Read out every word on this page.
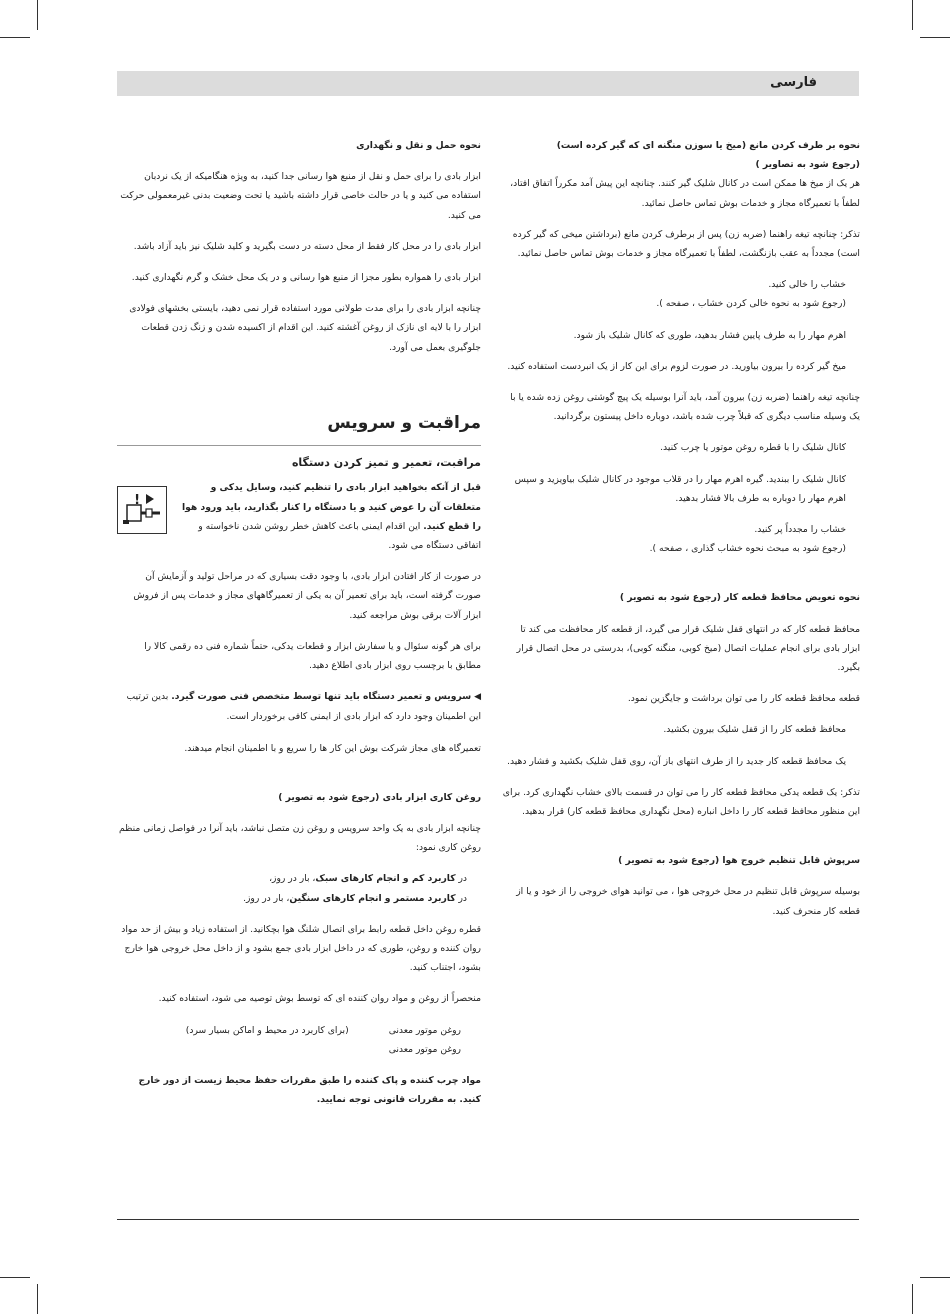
فارسی

نحوه بر طرف کردن مانع (میخ یا سوزن منگنه ای که گیر کرده است)

(رجوع شود به تصاویر )

هر یک از میخ ها ممکن است در کانال شلیک گیر کنند. چنانچه این پیش آمد مکرراً اتفاق افتاد، لطفاً با تعمیرگاه مجاز و خدمات بوش تماس حاصل نمائید.

تذکر: چنانچه تیغه راهنما (ضربه زن) پس از برطرف کردن مانع (برداشتن میخی که گیر کرده است) مجدداً به عقب بازنگشت، لطفاً با تعمیرگاه مجاز و خدمات بوش تماس حاصل نمائید.

خشاب را خالی کنید.

(رجوع شود به نحوه خالی کردن خشاب ، صفحه ).

اهرم مهار را به طرف پایین فشار بدهید، طوری که کانال شلیک باز شود.

میخ گیر کرده را بیرون بیاورید. در صورت لزوم برای این کار از یک انبردست استفاده کنید.

چنانچه تیغه راهنما (ضربه زن) بیرون آمد، باید آنرا بوسیله یک پیچ گوشتی روغن زده شده یا با یک وسیله مناسب دیگری که قبلاً چرب شده باشد، دوباره داخل پیستون برگردانید.

کانال شلیک را با قطره روغن موتور یا چرب کنید.

کانال شلیک را ببندید. گیره اهرم مهار را در قلاب موجود در کانال شلیک بیاویزید و سپس اهرم مهار را دوباره به طرف بالا فشار بدهید.

خشاب را مجدداً پر کنید.

(رجوع شود به مبحث نحوه خشاب گذاری ، صفحه ).

نحوه تعویض محافظ قطعه کار (رجوع شود به تصویر )

محافظ قطعه کار که در انتهای قفل شلیک قرار می گیرد، از قطعه کار محافظت می کند تا ابزار بادی برای انجام عملیات اتصال (میخ کوبی، منگنه کوبی)، بدرستی در محل اتصال قرار بگیرد.

قطعه محافظ قطعه کار را می توان برداشت و جایگزین نمود.

محافظ قطعه کار را از قفل شلیک بیرون بکشید.

یک محافظ قطعه کار جدید را از طرف انتهای باز آن، روی قفل شلیک بکشید و فشار دهید.

تذکر: یک قطعه یدکی محافظ قطعه کار را می توان در قسمت بالای خشاب نگهداری کرد. برای این منظور محافظ قطعه کار را داخل انباره (محل نگهداری محافظ قطعه کار) قرار بدهید.

سرپوش قابل تنظیم خروج هوا (رجوع شود به تصویر )

بوسیله سرپوش قابل تنظیم در محل خروجی هوا ، می توانید هوای خروجی را از خود و یا از قطعه کار منحرف کنید.

نحوه حمل و نقل و نگهداری

ابزار بادی را برای حمل و نقل از منبع هوا رسانی جدا کنید، به ویژه هنگامیکه از یک نردبان استفاده می کنید و یا در حالت خاصی قرار داشته باشید یا تحت وضعیت بدنی غیرمعمولی حرکت می کنید.

ابزار بادی را در محل کار فقط از محل دسته در دست بگیرید و کلید شلیک نیز باید آزاد باشد.

ابزار بادی را همواره بطور مجزا از منبع هوا رسانی و در یک محل خشک و گرم نگهداری کنید.

چنانچه ابزار بادی را برای مدت طولانی مورد استفاده قرار نمی دهید، بایستی بخشهای فولادی ابزار را با لایه ای نازک از روغن آغشته کنید. این اقدام از اکسیده شدن و زنگ زدن قطعات جلوگیری بعمل می آورد.

مراقبت و سرویس

مراقبت، تعمیر و تمیز کردن دستگاه

قبل از آنکه بخواهید ابزار بادی را تنظیم کنید، وسایل یدکی و متعلقات آن را عوض کنید و یا دستگاه را کنار بگذارید، باید ورود هوا را قطع کنید. این اقدام ایمنی باعث کاهش خطر روشن شدن ناخواسته و اتفاقی دستگاه می شود.

!

در صورت از کار افتادن ابزار بادی، با وجود دقت بسیاری که در مراحل تولید و آزمایش آن صورت گرفته است، باید برای تعمیر آن به یکی از تعمیرگاههای مجاز و خدمات پس از فروش ابزار آلات برقی بوش مراجعه کنید.

برای هر گونه سئوال و یا سفارش ابزار و قطعات یدکی، حتماً شماره فنی ده رقمی کالا را مطابق با برچسب روی ابزار بادی اطلاع دهید.

◀ سرویس و تعمیر دستگاه باید تنها توسط متخصص فنی صورت گیرد. بدین ترتیب این اطمینان وجود دارد که ابزار بادی از ایمنی کافی برخوردار است.

تعمیرگاه های مجاز شرکت بوش این کار ها را سریع و با اطمینان انجام میدهند.

روغن کاری ابزار بادی (رجوع شود به تصویر )

چنانچه ابزار بادی به یک واحد سرویس و روغن زن متصل نباشد، باید آنرا در فواصل زمانی منظم روغن کاری نمود:

در کاربرد کم و انجام کارهای سبک، بار در روز،

در کاربرد مستمر و انجام کارهای سنگین، بار در روز.

قطره روغن داخل قطعه رابط برای اتصال شلنگ هوا بچکانید. از استفاده زیاد و بیش از حد مواد روان کننده و روغن، طوری که در داخل ابزار بادی جمع بشود و از داخل محل خروجی هوا خارج بشود، اجتناب کنید.

منحصراً از روغن و مواد روان کننده ای که توسط بوش توصیه می شود، استفاده کنید.

روغن موتور معدنی
(برای کاربرد در محیط و اماکن بسیار سرد)
روغن موتور معدنی

مواد چرب کننده و پاک کننده را طبق مقررات حفظ محیط زیست از دور خارج کنید. به مقررات قانونی توجه نمایید.
